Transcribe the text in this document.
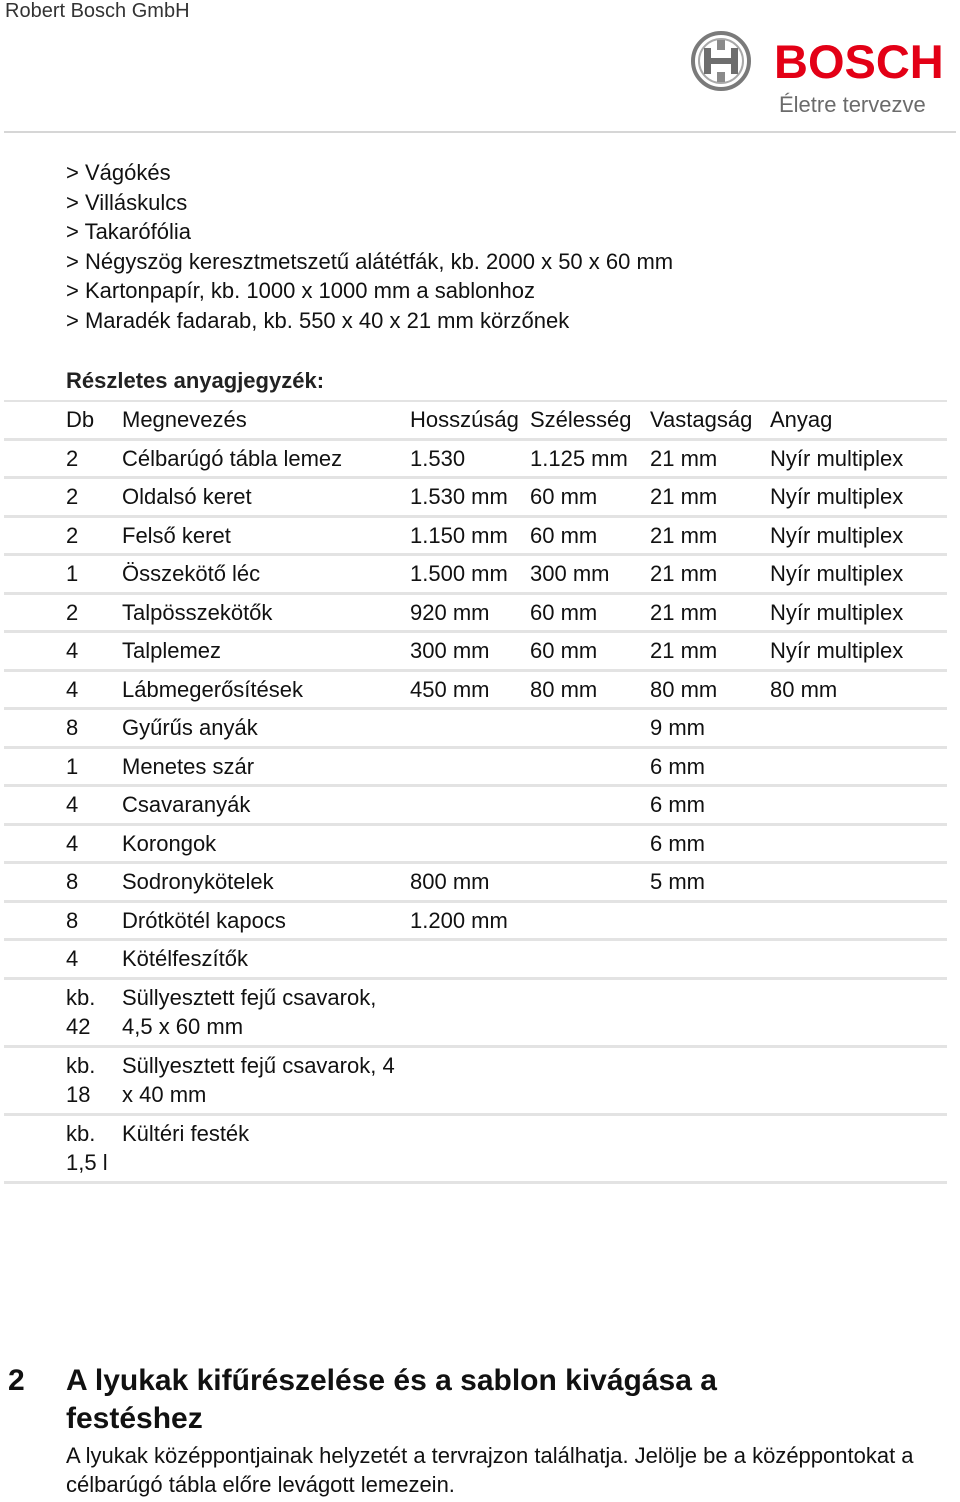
Robert Bosch GmbH
BOSCH
Életre tervezve
> Vágókés
> Villáskulcs
> Takarófólia
> Négyszög keresztmetszetű alátétfák, kb. 2000 x 50 x 60 mm
> Kartonpapír, kb. 1000 x 1000 mm a sablonhoz
> Maradék fadarab, kb. 550 x 40 x 21 mm körzőnek
Részletes anyagjegyzék:
Db	Megnevezés	Hosszúság	Szélesség	Vastagság	Anyag
2	Célbarúgó tábla lemez	1.530	1.125 mm	21 mm	Nyír multiplex
2	Oldalsó keret	1.530 mm	60 mm	21 mm	Nyír multiplex
2	Felső keret	1.150 mm	60 mm	21 mm	Nyír multiplex
1	Összekötő léc	1.500 mm	300 mm	21 mm	Nyír multiplex
2	Talpösszekötők	920 mm	60 mm	21 mm	Nyír multiplex
4	Talplemez	300 mm	60 mm	21 mm	Nyír multiplex
4	Lábmegerősítések	450 mm	80 mm	80 mm	80 mm
8	Gyűrűs anyák			9 mm	
1	Menetes szár			6 mm	
4	Csavaranyák			6 mm	
4	Korongok			6 mm	
8	Sodronykötelek	800 mm		5 mm	
8	Drótkötél kapocs	1.200 mm			
4	Kötélfeszítők				
kb. 42	Süllyesztett fejű csavarok, 4,5 x 60 mm				
kb. 18	Süllyesztett fejű csavarok, 4 x 40 mm				
kb. 1,5 l	Kültéri festék				
2 A lyukak kifűrészelése és a sablon kivágása a festéshez
A lyukak középpontjainak helyzetét a tervrajzon találhatja. Jelölje be a középpontokat a célbarúgó tábla előre levágott lemezein.
